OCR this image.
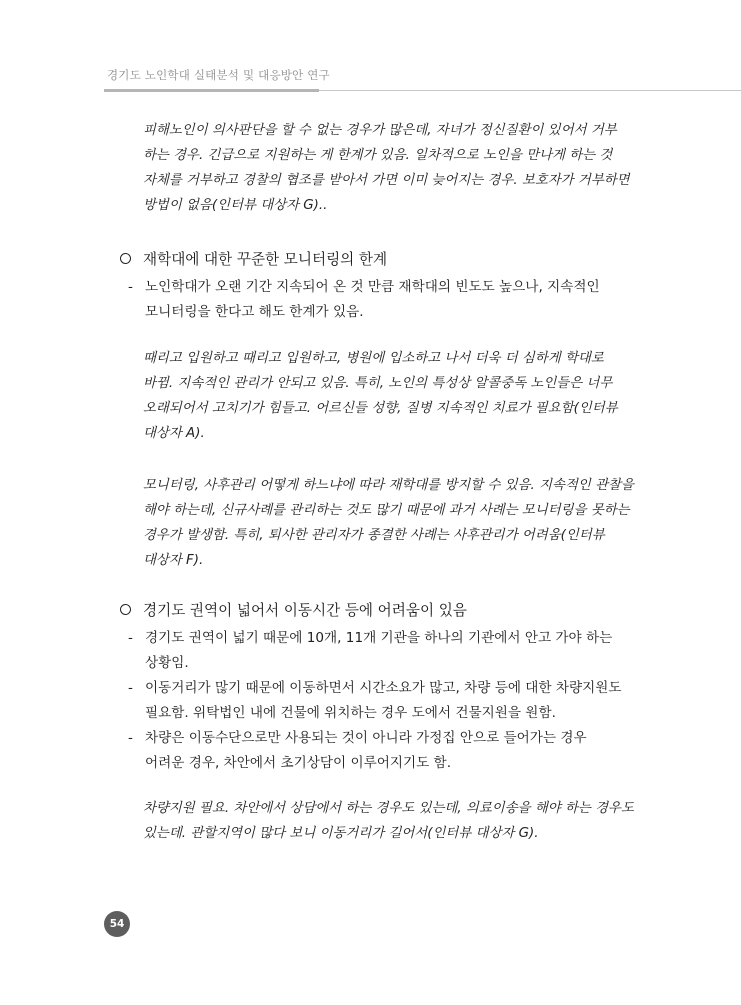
경기도 노인학대 실태분석 및 대응방안 연구

피해노인이 의사판단을 할 수 없는 경우가 많은데, 자녀가 정신질환이 있어서 거부

하는 경우. 긴급으로 지원하는 게 한계가 있음. 일차적으로 노인을 만나게 하는 것

자체를 거부하고 경찰의 협조를 받아서 가면 이미 늦어지는 경우. 보호자가 거부하면

방법이 없음(인터뷰 대상자 G)..

재학대에 대한 꾸준한 모니터링의 한계
- 노인학대가 오랜 기간 지속되어 온 것 만큼 재학대의 빈도도 높으나, 지속적인
모니터링을 한다고 해도 한계가 있음.

때리고 입원하고 때리고 입원하고, 병원에 입소하고 나서 더욱 더 심하게 학대로

바뀜. 지속적인 관리가 안되고 있음. 특히, 노인의 특성상 알콜중독 노인들은 너무

오래되어서 고치기가 힘들고. 어르신들 성향, 질병 지속적인 치료가 필요함(인터뷰

대상자 A).

모니터링, 사후관리 어떻게 하느냐에 따라 재학대를 방지할 수 있음. 지속적인 관찰을

해야 하는데, 신규사례를 관리하는 것도 많기 때문에 과거 사례는 모니터링을 못하는

경우가 발생함. 특히, 퇴사한 관리자가 종결한 사례는 사후관리가 어려움(인터뷰

대상자 F).

경기도 권역이 넓어서 이동시간 등에 어려움이 있음
- 경기도 권역이 넓기 때문에 10개, 11개 기관을 하나의 기관에서 안고 가야 하는
상황임.
- 이동거리가 많기 때문에 이동하면서 시간소요가 많고, 차량 등에 대한 차량지원도
필요함. 위탁법인 내에 건물에 위치하는 경우 도에서 건물지원을 원함.
- 차량은 이동수단으로만 사용되는 것이 아니라 가정집 안으로 들어가는 경우
어려운 경우, 차안에서 초기상담이 이루어지기도 함.

차량지원 필요. 차안에서 상담에서 하는 경우도 있는데, 의료이송을 해야 하는 경우도

있는데. 관할지역이 많다 보니 이동거리가 길어서(인터뷰 대상자 G).

54
